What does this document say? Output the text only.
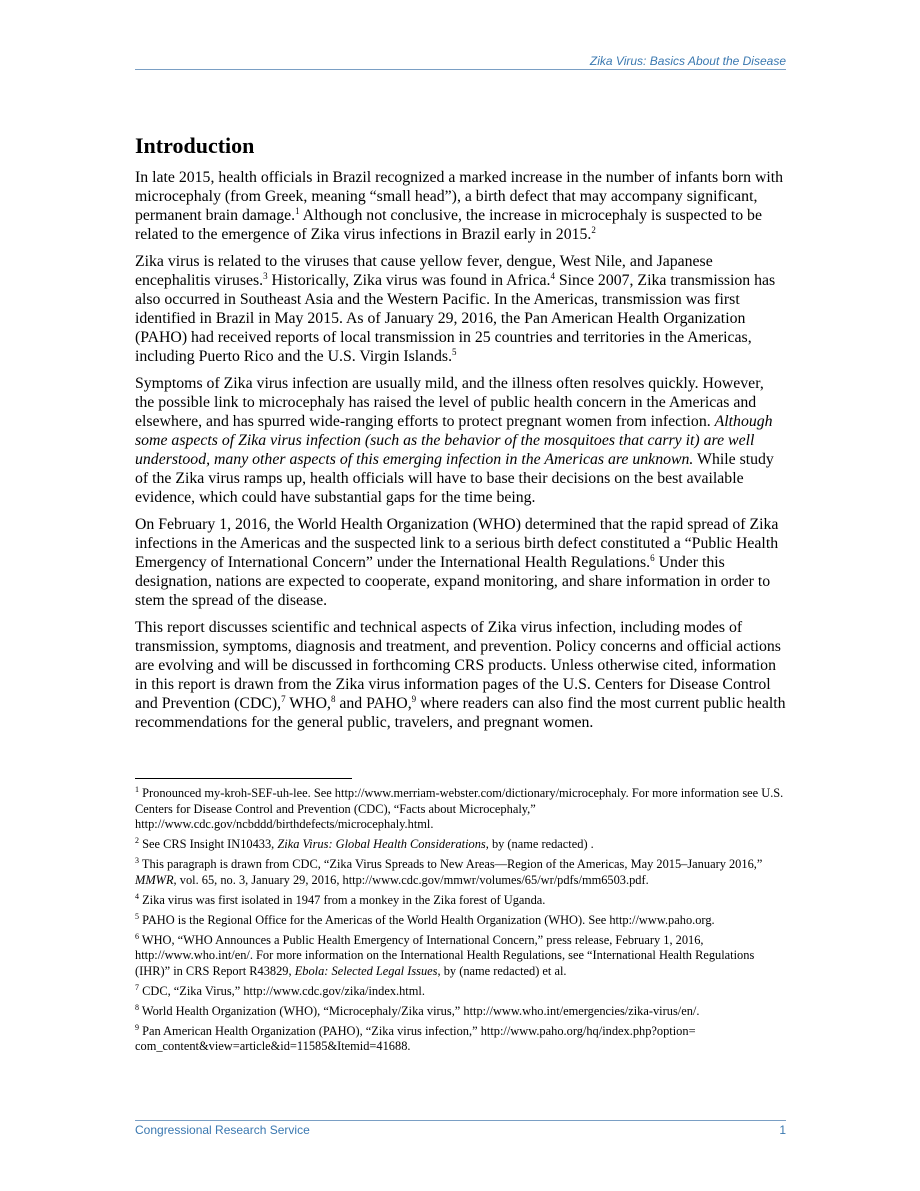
Zika Virus: Basics About the Disease
Introduction

In late 2015, health officials in Brazil recognized a marked increase in the number of infants born with microcephaly (from Greek, meaning “small head”), a birth defect that may accompany significant, permanent brain damage.$^1$ Although not conclusive, the increase in microcephaly is suspected to be related to the emergence of Zika virus infections in Brazil early in 2015.$^2$

Zika virus is related to the viruses that cause yellow fever, dengue, West Nile, and Japanese encephalitis viruses.$^3$ Historically, Zika virus was found in Africa.$^4$ Since 2007, Zika transmission has also occurred in Southeast Asia and the Western Pacific. In the Americas, transmission was first identified in Brazil in May 2015. As of January 29, 2016, the Pan American Health Organization (PAHO) had received reports of local transmission in 25 countries and territories in the Americas, including Puerto Rico and the U.S. Virgin Islands.$^5$

Symptoms of Zika virus infection are usually mild, and the illness often resolves quickly. However, the possible link to microcephaly has raised the level of public health concern in the Americas and elsewhere, and has spurred wide-ranging efforts to protect pregnant women from infection. Although some aspects of Zika virus infection (such as the behavior of the mosquitoes that carry it) are well understood, many other aspects of this emerging infection in the Americas are unknown. While study of the Zika virus ramps up, health officials will have to base their decisions on the best available evidence, which could have substantial gaps for the time being.

On February 1, 2016, the World Health Organization (WHO) determined that the rapid spread of Zika infections in the Americas and the suspected link to a serious birth defect constituted a “Public Health Emergency of International Concern” under the International Health Regulations.$^6$ Under this designation, nations are expected to cooperate, expand monitoring, and share information in order to stem the spread of the disease.

This report discusses scientific and technical aspects of Zika virus infection, including modes of transmission, symptoms, diagnosis and treatment, and prevention. Policy concerns and official actions are evolving and will be discussed in forthcoming CRS products. Unless otherwise cited, information in this report is drawn from the Zika virus information pages of the U.S. Centers for Disease Control and Prevention (CDC),$^7$ WHO,$^8$ and PAHO,$^9$ where readers can also find the most current public health recommendations for the general public, travelers, and pregnant women.

$^1$ Pronounced my-kroh-SEF-uh-lee. See http://www.merriam-webster.com/dictionary/microcephaly. For more information see U.S. Centers for Disease Control and Prevention (CDC), “Facts about Microcephaly,” http://www.cdc.gov/ncbddd/birthdefects/microcephaly.html.

$^2$ See CRS Insight IN10433, Zika Virus: Global Health Considerations, by (name redacted) .

$^3$ This paragraph is drawn from CDC, “Zika Virus Spreads to New Areas—Region of the Americas, May 2015–January 2016,” MMWR, vol. 65, no. 3, January 29, 2016, http://www.cdc.gov/mmwr/volumes/65/wr/pdfs/mm6503.pdf.

$^4$ Zika virus was first isolated in 1947 from a monkey in the Zika forest of Uganda.

$^5$ PAHO is the Regional Office for the Americas of the World Health Organization (WHO). See http://www.paho.org.

$^6$ WHO, “WHO Announces a Public Health Emergency of International Concern,” press release, February 1, 2016, http://www.who.int/en/. For more information on the International Health Regulations, see “International Health Regulations (IHR)” in CRS Report R43829, Ebola: Selected Legal Issues, by (name redacted) et al.

$^7$ CDC, “Zika Virus,” http://www.cdc.gov/zika/index.html.

$^8$ World Health Organization (WHO), “Microcephaly/Zika virus,” http://www.who.int/emergencies/zika-virus/en/.

$^9$ Pan American Health Organization (PAHO), “Zika virus infection,” http://www.paho.org/hq/index.php?option= com_content&view=article&id=11585&Itemid=41688.

Congressional Research Service	1
